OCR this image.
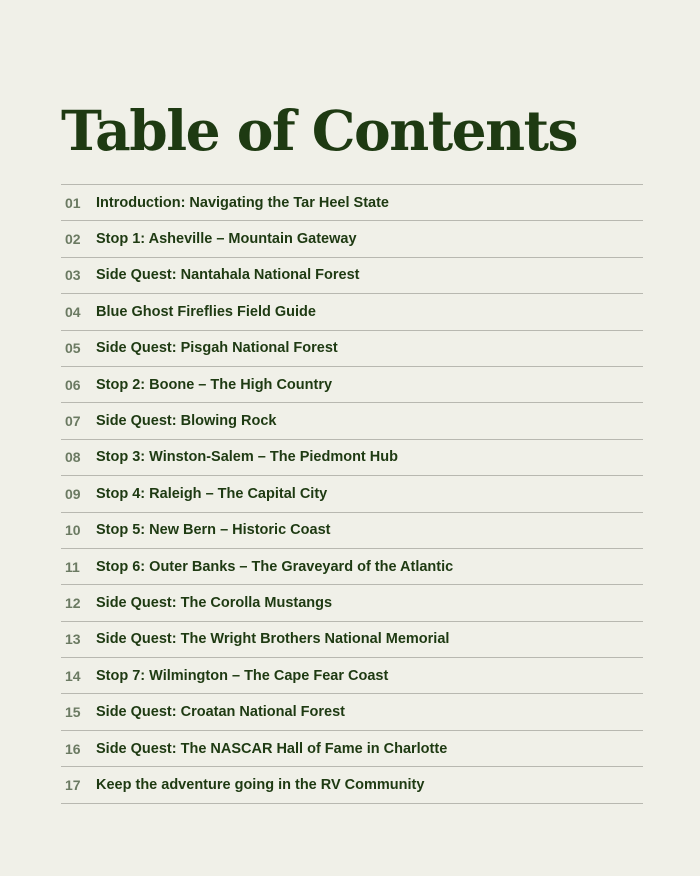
Table of Contents
01	Introduction: Navigating the Tar Heel State
02	Stop 1: Asheville – Mountain Gateway
03	Side Quest: Nantahala National Forest
04	Blue Ghost Fireflies Field Guide
05	Side Quest: Pisgah National Forest
06	Stop 2: Boone – The High Country
07	Side Quest: Blowing Rock
08	Stop 3: Winston-Salem – The Piedmont Hub
09	Stop 4: Raleigh – The Capital City
10	Stop 5: New Bern – Historic Coast
11	Stop 6: Outer Banks – The Graveyard of the Atlantic
12	Side Quest: The Corolla Mustangs
13	Side Quest: The Wright Brothers National Memorial
14	Stop 7: Wilmington – The Cape Fear Coast
15	Side Quest: Croatan National Forest
16	Side Quest: The NASCAR Hall of Fame in Charlotte
17	Keep the adventure going in the RV Community
